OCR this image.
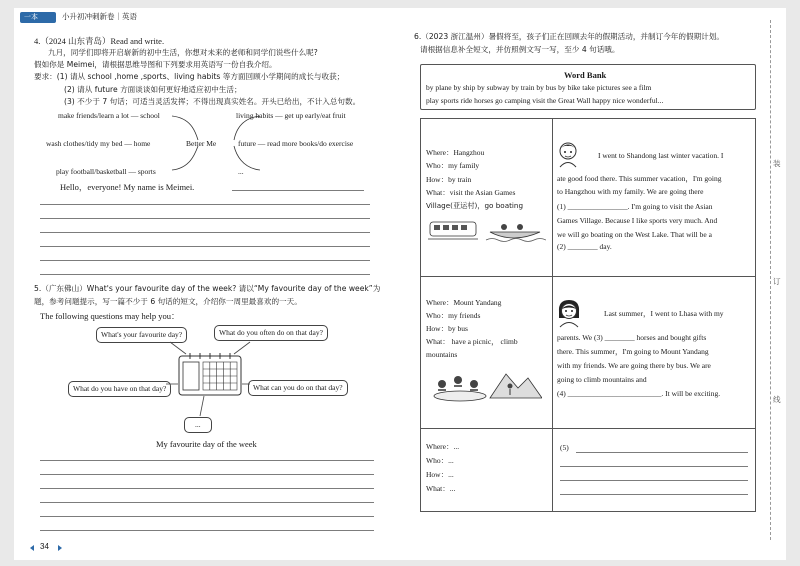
一本	小升初冲刺新卷｜英语
4.（2024 山东青岛）Read and write.
九月，同学们即将开启崭新的初中生活，你想对未来的老师和同学们说些什么呢?
假如你是 Meimei，请根据思维导图和下列要求用英语写一份自我介绍。
要求：(1) 请从 school ,home ,sports、living habits 等方面回顾小学期间的成长与收获；
(2) 请从 future 方面谈谈如何更好地适应初中生活；
(3) 不少于 7 句话；可适当灵活发挥；不得出现真实姓名。开头已给出，不计入总句数。
Better Me
make friends/learn a lot — school
wash clothes/tidy my bed — home
play football/basketball — sports
living habits — get up early/eat fruit
future — read more books/do exercise
...
Hello，everyone! My name is Meimei.
5.（广东佛山）What's your favourite day of the week? 请以“My favourite day of the week”为
题，参考问题提示，写一篇不少于 6 句话的短文，介绍你一周里最喜欢的一天。
The following questions may help you：
What's your favourite day?	What do you often do on that day?
What do you have on that day?	What can you do on that day?
...
My favourite day of the week
34
6.（2023 浙江温州）暑假将至，孩子们正在回顾去年的假期活动，并制订今年的假期计划。
请根据信息补全短文，并仿照例文写一写，至少 4 句话哦。
Word Bank
by plane by ship by subway by train by bus by bike take pictures see a film
play sports ride horses go camping visit the Great Wall happy nice wonderful...
Where：Hangzhou
Who：my family
How：by train
What：visit the Asian Games
Village(亚运村)，go boating
I went to Shandong last winter vacation. I
ate good food there. This summer vacation，I'm going
to Hangzhou with my family. We are going there
(1) ________________. I'm going to visit the Asian
Games Village. Because I like sports very much. And
we will go boating on the West Lake. That will be a
(2) ________ day.
Where：Mount Yandang
Who：my friends
How：by bus
What： have a picnic， climb
mountains
Last summer，I went to Lhasa with my
parents. We (3) ________ horses and bought gifts
there. This summer，I'm going to Mount Yandang
with my friends. We are going there by bus. We are
going to climb mountains and
(4) _________________________. It will be exciting.
Where：...
Who：...
How：...
What：...
(5)
装
订
线
